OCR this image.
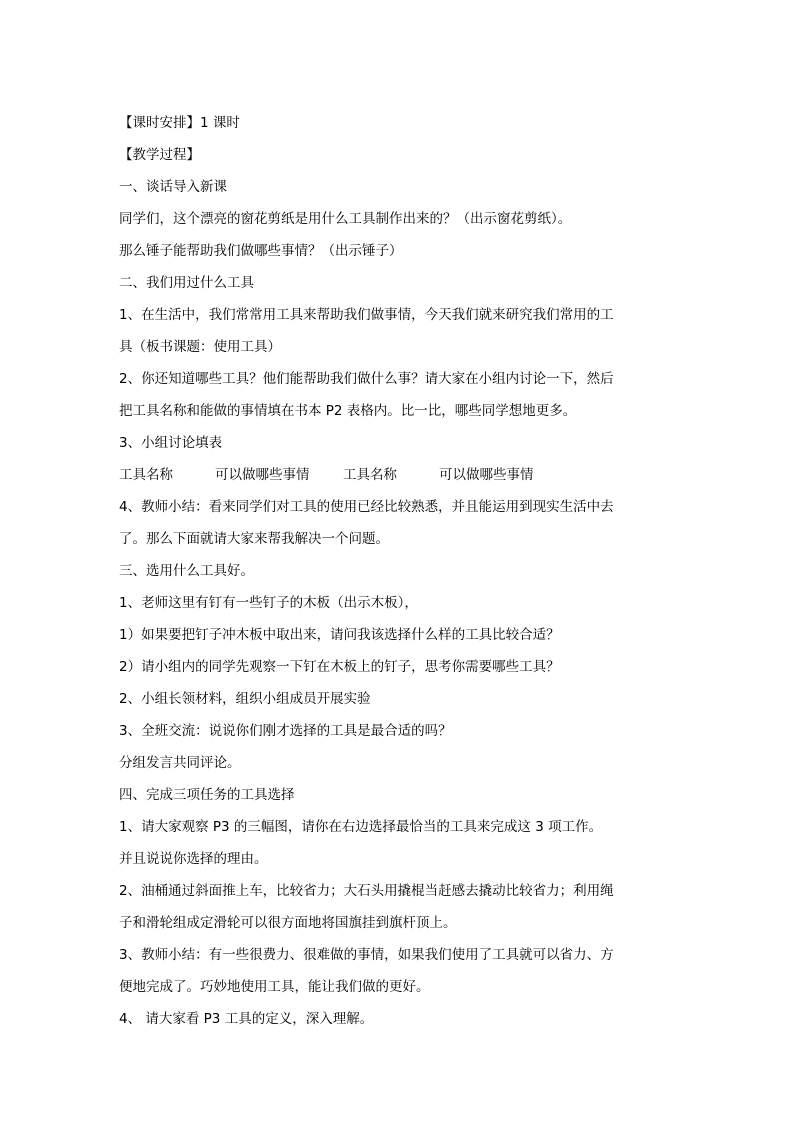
【课时安排】1 课时
【教学过程】
一、谈话导入新课
同学们，这个漂亮的窗花剪纸是用什么工具制作出来的？（出示窗花剪纸）。
那么锤子能帮助我们做哪些事情？（出示锤子）
二、我们用过什么工具
1、在生活中，我们常常用工具来帮助我们做事情，今天我们就来研究我们常用的工
具（板书课题：使用工具）
2、你还知道哪些工具？他们能帮助我们做什么事？请大家在小组内讨论一下，然后
把工具名称和能做的事情填在书本 P2 表格内。比一比，哪些同学想地更多。
3、小组讨论填表
工具名称	可以做哪些事情	工具名称	可以做哪些事情
4、教师小结：看来同学们对工具的使用已经比较熟悉，并且能运用到现实生活中去
了。那么下面就请大家来帮我解决一个问题。
三、选用什么工具好。
1、老师这里有钉有一些钉子的木板（出示木板），
1）如果要把钉子冲木板中取出来，请问我该选择什么样的工具比较合适？
2）请小组内的同学先观察一下钉在木板上的钉子，思考你需要哪些工具？
2、小组长领材料，组织小组成员开展实验
3、全班交流：说说你们刚才选择的工具是最合适的吗？
分组发言共同评论。
四、完成三项任务的工具选择
1、请大家观察 P3 的三幅图，请你在右边选择最恰当的工具来完成这 3 项工作。
并且说说你选择的理由。
2、油桶通过斜面推上车，比较省力；大石头用撬棍当赶感去撬动比较省力；利用绳
子和滑轮组成定滑轮可以很方面地将国旗挂到旗杆顶上。
3、教师小结：有一些很费力、很难做的事情，如果我们使用了工具就可以省力、方
便地完成了。巧妙地使用工具，能让我们做的更好。
4、 请大家看 P3 工具的定义，深入理解。
